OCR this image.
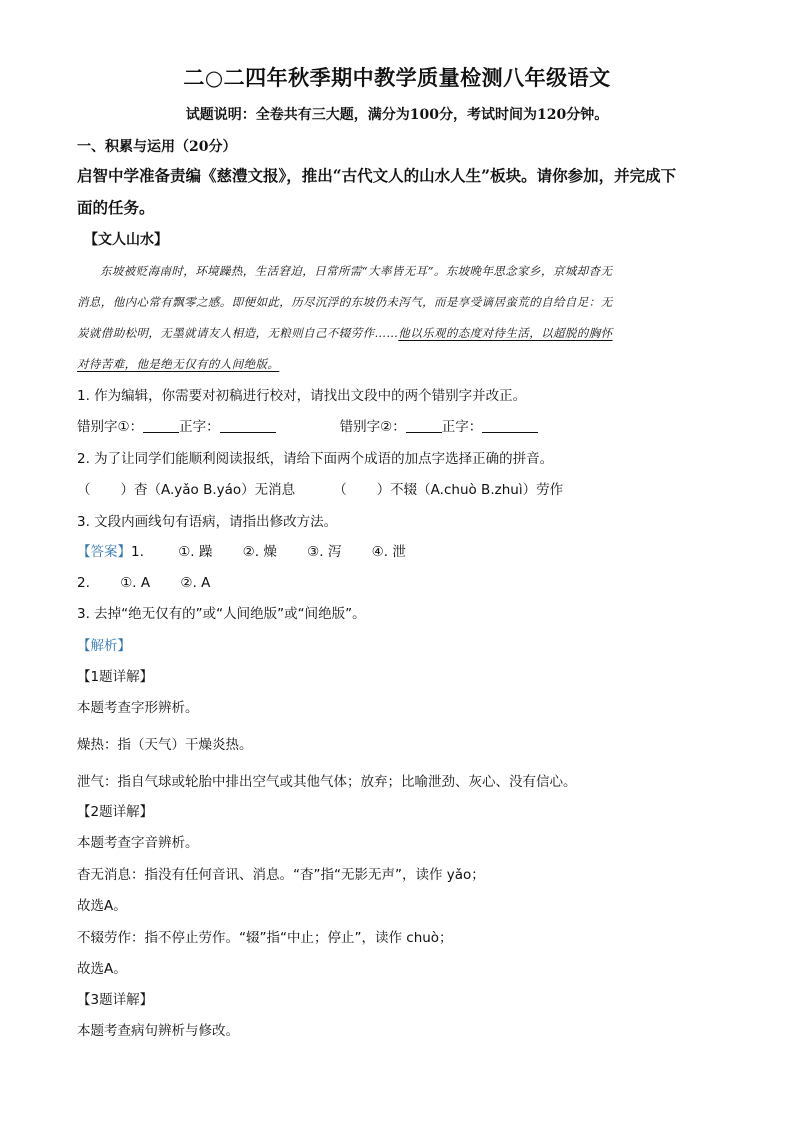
二○二四年秋季期中教学质量检测八年级语文
试题说明：全卷共有三大题，满分为100分，考试时间为120分钟。
一、积累与运用（20分）
启智中学准备责编《慈澧文报》，推出“古代文人的山水人生”板块。请你参加，并完成下
面的任务。
【文人山水】
东坡被贬海南时，环境躁热，生活窘迫，日常所需“大率皆无耳”。东坡晚年思念家乡，京城却杳无
消息，他内心常有飘零之感。即便如此，历尽沉浮的东坡仍未泻气，而是享受谪居蛮荒的自给自足：无
炭就借助松明，无墨就请友人相造，无粮则自己不辍劳作……他以乐观的态度对待生活，以超脱的胸怀
对待苦难，他是绝无仅有的人间绝版。
1. 作为编辑，你需要对初稿进行校对，请找出文段中的两个错别字并改正。
错别字①：	正字：	错别字②：	正字：
2. 为了让同学们能顺利阅读报纸，请给下面两个成语的加点字选择正确的拼音。
（ ）杳（A.yǎo B.yáo）无消息	（ ）不辍（A.chuò B.zhuì）劳作
3. 文段内画线句有语病，请指出修改方法。
【答案】1.	①. 躁 ②. 燥 ③. 泻 ④. 泄
2. ①. A ②. A
3. 去掉“绝无仅有的”或“人间绝版”或“间绝版”。
【解析】
【1题详解】
本题考查字形辨析。
燥热：指（天气）干燥炎热。
泄气：指自气球或轮胎中排出空气或其他气体；放弃；比喻泄劲、灰心、没有信心。
【2题详解】
本题考查字音辨析。
杳无消息：指没有任何音讯、消息。“杳”指“无影无声”，读作 yǎo；
故选A。
不辍劳作：指不停止劳作。“辍”指“中止；停止”，读作 chuò；
故选A。
【3题详解】
本题考查病句辨析与修改。
